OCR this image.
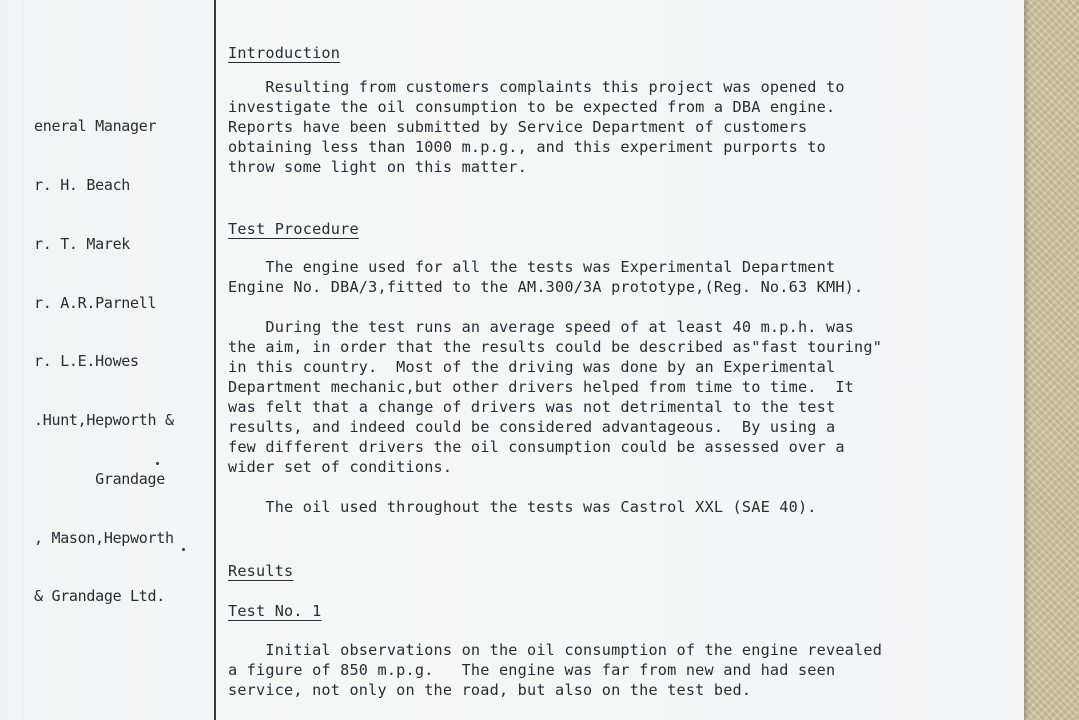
eneral Manager

r. H. Beach

r. T. Marek

r. A.R.Parnell

r. L.E.Howes

.Hunt,Hepworth &

Grandage

, Mason,Hepworth

& Grandage Ltd.

Introduction

Resulting from customers complaints this project was opened to

investigate the oil consumption to be expected from a DBA engine.

Reports have been submitted by Service Department of customers

obtaining less than 1000 m.p.g., and this experiment purports to

throw some light on this matter.

Test Procedure

The engine used for all the tests was Experimental Department

Engine No. DBA/3,fitted to the AM.300/3A prototype,(Reg. No.63 KMH).

During the test runs an average speed of at least 40 m.p.h. was

the aim, in order that the results could be described as"fast touring"

in this country.  Most of the driving was done by an Experimental

Department mechanic,but other drivers helped from time to time.  It

was felt that a change of drivers was not detrimental to the test

results, and indeed could be considered advantageous.  By using a

few different drivers the oil consumption could be assessed over a

wider set of conditions.

The oil used throughout the tests was Castrol XXL (SAE 40).

Results

Test No. 1

Initial observations on the oil consumption of the engine revealed

a figure of 850 m.p.g.   The engine was far from new and had seen

service, not only on the road, but also on the test bed.
